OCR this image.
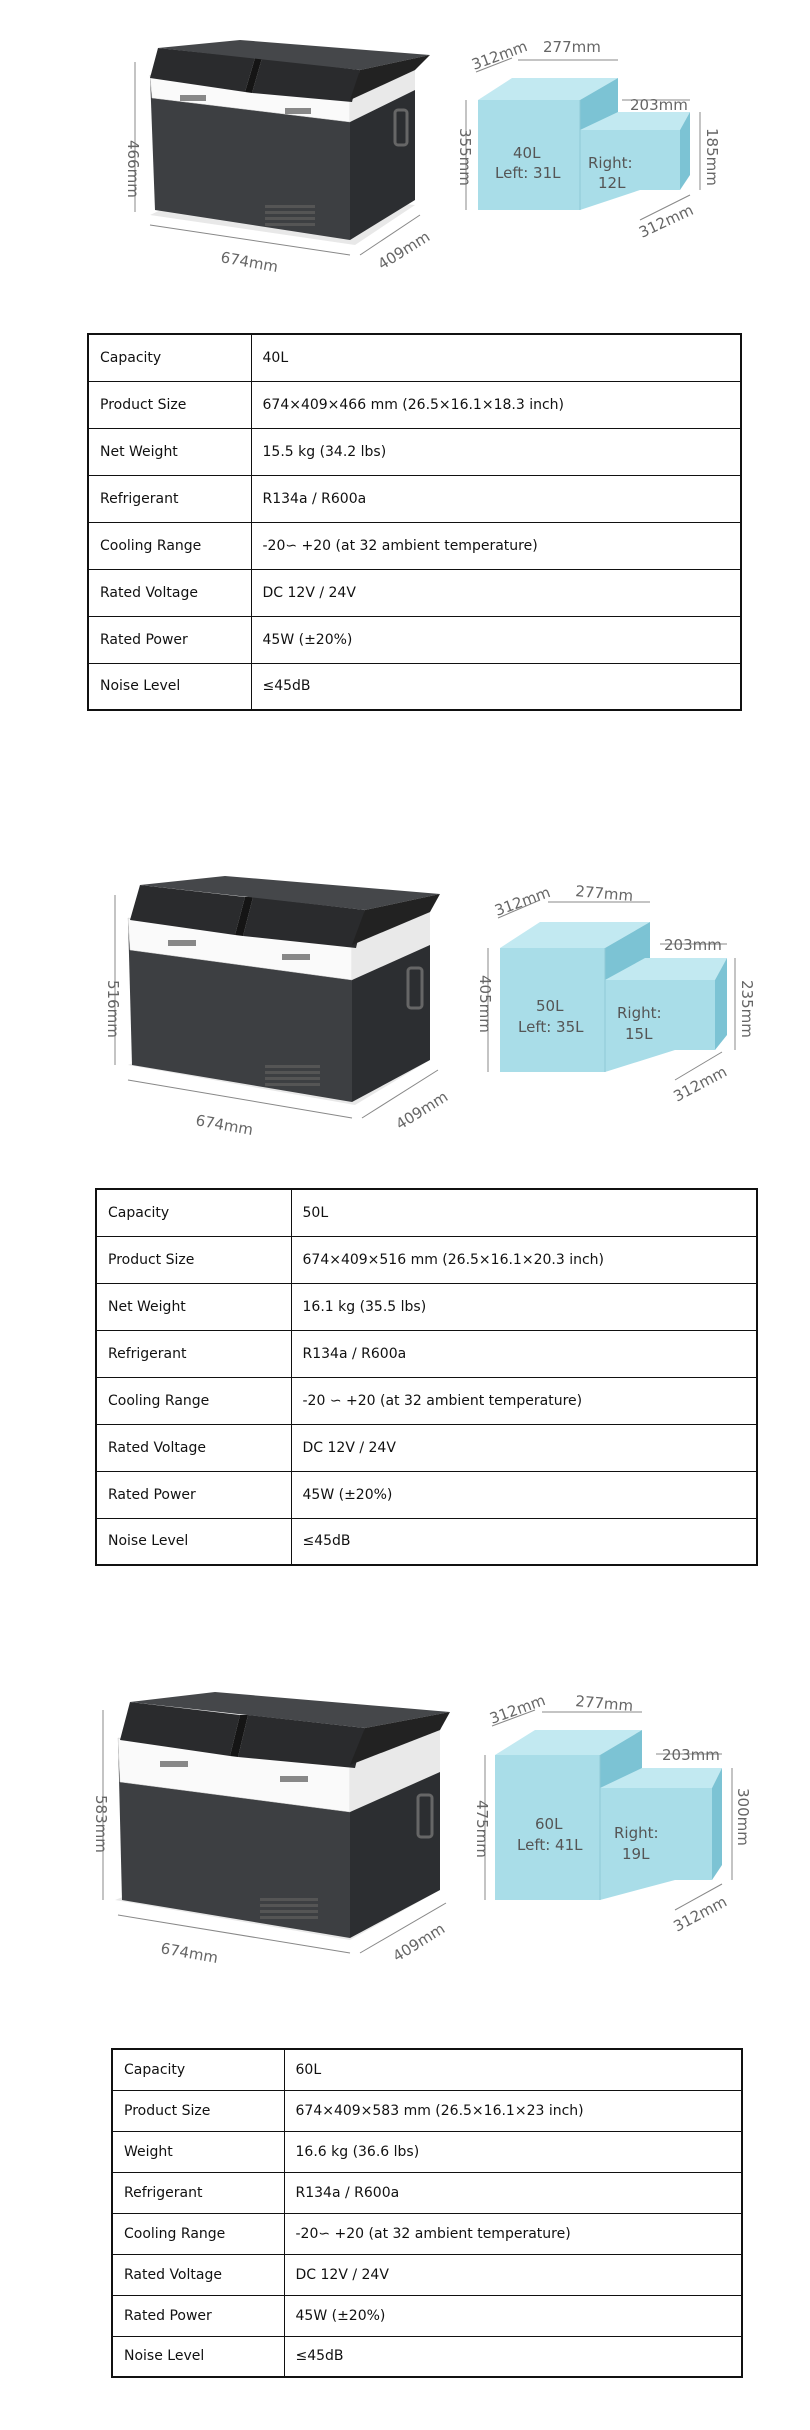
466mm
674mm	409mm
312mm 277mm
203mm
355mm	185mm
312mm
40L
Left: 31L
Right:
12L
Capacity	40L
Product Size	674×409×466 mm (26.5×16.1×18.3 inch)
Net Weight	15.5 kg (34.2 lbs)
Refrigerant	R134a / R600a
Cooling Range	-20∽ +20 (at 32 ambient temperature)
Rated Voltage	DC 12V / 24V
Rated Power	45W (±20%)
Noise Level	≤45dB
516mm
674mm	409mm
312mm 277mm
203mm
405mm	235mm
312mm
50L
Left: 35L
Right:
15L
Capacity	50L
Product Size	674×409×516 mm (26.5×16.1×20.3 inch)
Net Weight	16.1 kg (35.5 lbs)
Refrigerant	R134a / R600a
Cooling Range	-20 ∽ +20 (at 32 ambient temperature)
Rated Voltage	DC 12V / 24V
Rated Power	45W (±20%)
Noise Level	≤45dB
583mm
674mm	409mm
312mm 277mm
203mm
475mm	300mm
312mm
60L
Left: 41L
Right:
19L
Capacity	60L
Product Size	674×409×583 mm (26.5×16.1×23 inch)
Weight	16.6 kg (36.6 lbs)
Refrigerant	R134a / R600a
Cooling Range	-20∽ +20 (at 32 ambient temperature)
Rated Voltage	DC 12V / 24V
Rated Power	45W (±20%)
Noise Level	≤45dB
